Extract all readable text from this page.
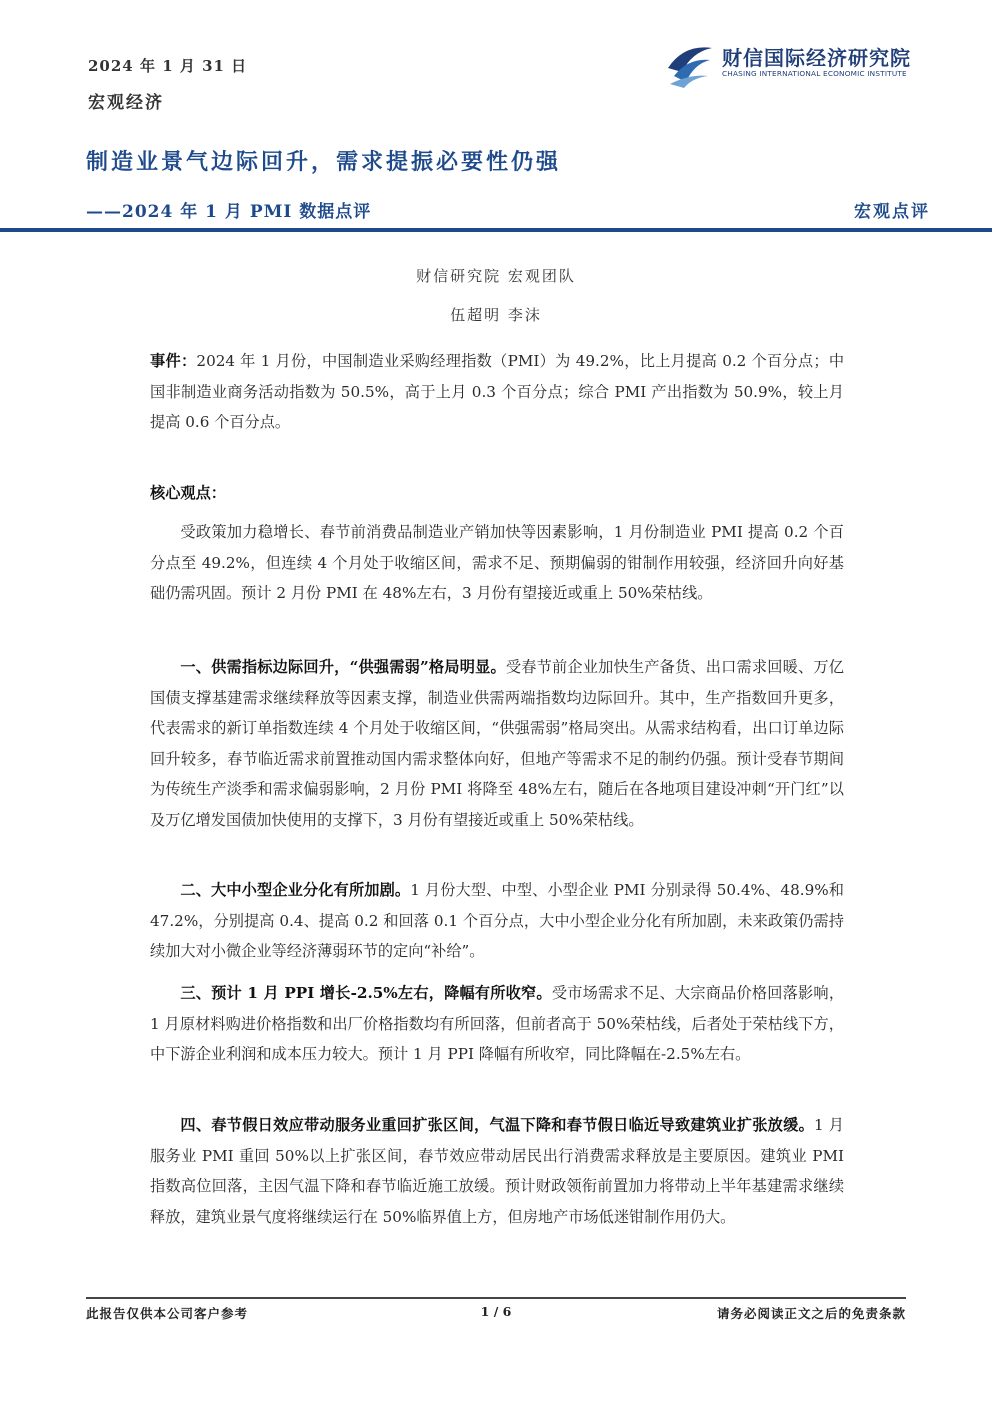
2024 年 1 月 31 日
宏观经济
财信国际经济研究院
CHASING INTERNATIONAL ECONOMIC INSTITUTE
制造业景气边际回升，需求提振必要性仍强
——2024 年 1 月 PMI 数据点评	宏观点评
财信研究院 宏观团队
伍超明 李沫

事件：2024 年 1 月份，中国制造业采购经理指数（PMI）为 49.2%，比上月提高 0.2 个百分点；中国非制造业商务活动指数为 50.5%，高于上月 0.3 个百分点；综合 PMI 产出指数为 50.9%，较上月提高 0.6 个百分点。

核心观点：

受政策加力稳增长、春节前消费品制造业产销加快等因素影响，1 月份制造业 PMI 提高 0.2 个百分点至 49.2%，但连续 4 个月处于收缩区间，需求不足、预期偏弱的钳制作用较强，经济回升向好基础仍需巩固。预计 2 月份 PMI 在 48%左右，3 月份有望接近或重上 50%荣枯线。

一、供需指标边际回升，“供强需弱”格局明显。受春节前企业加快生产备货、出口需求回暖、万亿国债支撑基建需求继续释放等因素支撑，制造业供需两端指数均边际回升。其中，生产指数回升更多，代表需求的新订单指数连续 4 个月处于收缩区间，“供强需弱”格局突出。从需求结构看，出口订单边际回升较多，春节临近需求前置推动国内需求整体向好，但地产等需求不足的制约仍强。预计受春节期间为传统生产淡季和需求偏弱影响，2 月份 PMI 将降至 48%左右，随后在各地项目建设冲刺“开门红”以及万亿增发国债加快使用的支撑下，3 月份有望接近或重上 50%荣枯线。

二、大中小型企业分化有所加剧。1 月份大型、中型、小型企业 PMI 分别录得 50.4%、48.9%和 47.2%，分别提高 0.4、提高 0.2 和回落 0.1 个百分点，大中小型企业分化有所加剧，未来政策仍需持续加大对小微企业等经济薄弱环节的定向“补给”。

三、预计 1 月 PPI 增长-2.5%左右，降幅有所收窄。受市场需求不足、大宗商品价格回落影响，1 月原材料购进价格指数和出厂价格指数均有所回落，但前者高于 50%荣枯线，后者处于荣枯线下方，中下游企业利润和成本压力较大。预计 1 月 PPI 降幅有所收窄，同比降幅在-2.5%左右。

四、春节假日效应带动服务业重回扩张区间，气温下降和春节假日临近导致建筑业扩张放缓。1 月服务业 PMI 重回 50%以上扩张区间，春节效应带动居民出行消费需求释放是主要原因。建筑业 PMI 指数高位回落，主因气温下降和春节临近施工放缓。预计财政领衔前置加力将带动上半年基建需求继续释放，建筑业景气度将继续运行在 50%临界值上方，但房地产市场低迷钳制作用仍大。

此报告仅供本公司客户参考	1 / 6	请务必阅读正文之后的免责条款
